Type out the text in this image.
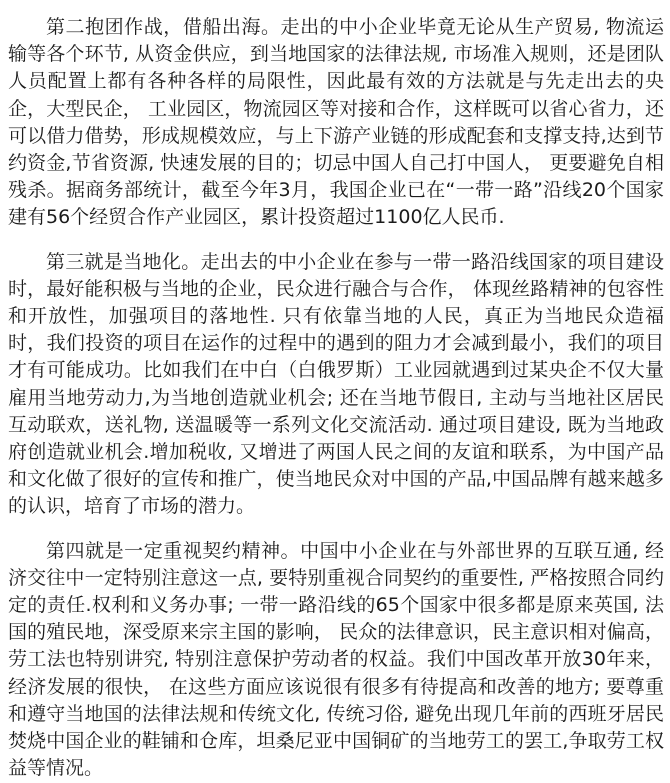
第二抱团作战，借船出海。走出的中小企业毕竟无论从生产贸易, 物流运输等各个环节, 从资金供应，到当地国家的法律法规, 市场准入规则，还是团队人员配置上都有各种各样的局限性，因此最有效的方法就是与先走出去的央企，大型民企， 工业园区，物流园区等对接和合作，这样既可以省心省力，还可以借力借势，形成规模效应，与上下游产业链的形成配套和支撑支持,达到节约资金,节省资源, 快速发展的目的；切忌中国人自己打中国人， 更要避免自相残杀。据商务部统计，截至今年3月，我国企业已在“一带一路”沿线20个国家建有56个经贸合作产业园区，累计投资超过1100亿人民币.

第三就是当地化。走出去的中小企业在参与一带一路沿线国家的项目建设时，最好能积极与当地的企业，民众进行融合与合作， 体现丝路精神的包容性和开放性，加强项目的落地性. 只有依靠当地的人民，真正为当地民众造福时，我们投资的项目在运作的过程中的遇到的阻力才会减到最小，我们的项目才有可能成功。比如我们在中白（白俄罗斯）工业园就遇到过某央企不仅大量雇用当地劳动力,为当地创造就业机会; 还在当地节假日, 主动与当地社区居民互动联欢，送礼物, 送温暖等一系列文化交流活动. 通过项目建设, 既为当地政府创造就业机会.增加税收, 又增进了两国人民之间的友谊和联系，为中国产品和文化做了很好的宣传和推广，使当地民众对中国的产品,中国品牌有越来越多的认识，培育了市场的潜力。

第四就是一定重视契约精神。中国中小企业在与外部世界的互联互通, 经济交往中一定特别注意这一点, 要特别重视合同契约的重要性, 严格按照合同约定的责任.权利和义务办事; 一带一路沿线的65个国家中很多都是原来英国, 法国的殖民地，深受原来宗主国的影响， 民众的法律意识，民主意识相对偏高，劳工法也特别讲究, 特别注意保护劳动者的权益。我们中国改革开放30年来，经济发展的很快， 在这些方面应该说很有很多有待提高和改善的地方; 要尊重和遵守当地国的法律法规和传统文化, 传统习俗, 避免出现几年前的西班牙居民焚烧中国企业的鞋铺和仓库，坦桑尼亚中国铜矿的当地劳工的罢工,争取劳工权益等情况。
